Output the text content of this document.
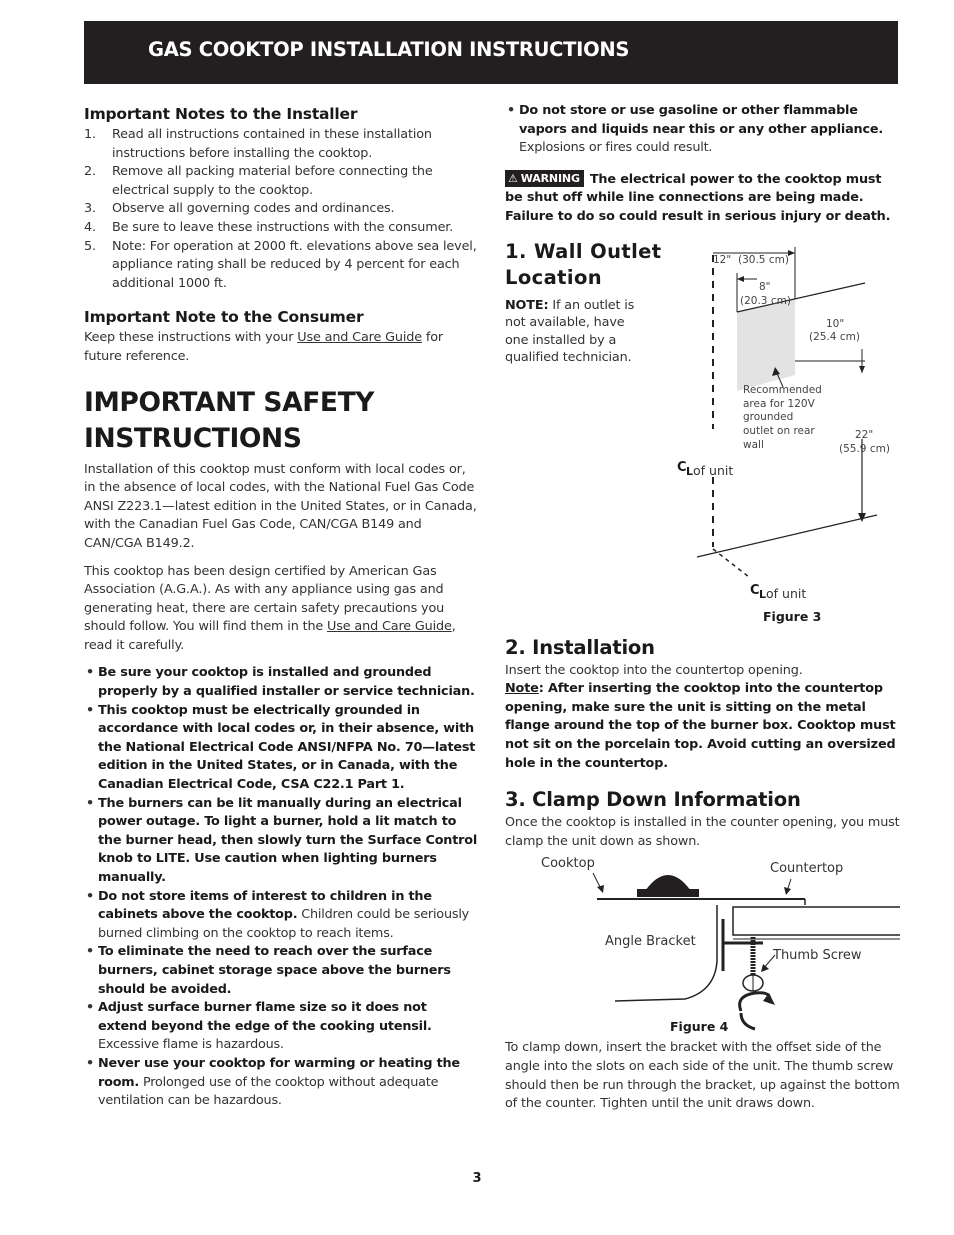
GAS COOKTOP INSTALLATION INSTRUCTIONS
Important Notes to the Installer
1. Read all instructions contained in these installation instructions before installing the cooktop.
2. Remove all packing material before connecting the electrical supply to the cooktop.
3. Observe all governing codes and ordinances.
4. Be sure to leave these instructions with the consumer.
5. Note: For operation at 2000 ft. elevations above sea level, appliance rating shall be reduced by 4 percent for each additional 1000 ft.
Important Note to the Consumer

Keep these instructions with your Use and Care Guide for future reference.

IMPORTANT SAFETY INSTRUCTIONS

Installation of this cooktop must conform with local codes or, in the absence of local codes, with the National Fuel Gas Code ANSI Z223.1—latest edition in the United States, or in Canada, with the Canadian Fuel Gas Code, CAN/CGA B149 and CAN/CGA B149.2.

This cooktop has been design certified by American Gas Association (A.G.A.). As with any appliance using gas and generating heat, there are certain safety precautions you should follow. You will find them in the Use and Care Guide, read it carefully.

• Be sure your cooktop is installed and grounded properly by a qualified installer or service technician.
• This cooktop must be electrically grounded in accordance with local codes or, in their absence, with the National Electrical Code ANSI/NFPA No. 70—latest edition in the United States, or in Canada, with the Canadian Electrical Code, CSA C22.1 Part 1.
• The burners can be lit manually during an electrical power outage. To light a burner, hold a lit match to the burner head, then slowly turn the Surface Control knob to LITE. Use caution when lighting burners manually.
• Do not store items of interest to children in the cabinets above the cooktop. Children could be seriously burned climbing on the cooktop to reach items.
• To eliminate the need to reach over the surface burners, cabinet storage space above the burners should be avoided.
• Adjust surface burner flame size so it does not extend beyond the edge of the cooking utensil. Excessive flame is hazardous.
• Never use your cooktop for warming or heating the room. Prolonged use of the cooktop without adequate ventilation can be hazardous.
• Do not store or use gasoline or other flammable vapors and liquids near this or any other appliance. Explosions or fires could result.

⚠ WARNING The electrical power to the cooktop must be shut off while line connections are being made. Failure to do so could result in serious injury or death.

1. Wall Outlet Location

NOTE: If an outlet is not available, have one installed by a qualified technician.

12" (30.5 cm)
8"
(20.3 cm)
10"
(25.4 cm)
22"
(55.9 cm)
Recommended
area for 120V
grounded
outlet on rear
wall
C L of unit
C L of unit
Figure 3
2. Installation

Insert the cooktop into the countertop opening.

Note: After inserting the cooktop into the countertop opening, make sure the unit is sitting on the metal flange around the top of the burner box. Cooktop must not sit on the porcelain top. Avoid cutting an oversized hole in the countertop.

3. Clamp Down Information

Once the cooktop is installed in the counter opening, you must clamp the unit down as shown.

Cooktop	Countertop
Angle Bracket
Thumb Screw
Figure 4

To clamp down, insert the bracket with the offset side of the angle into the slots on each side of the unit. The thumb screw should then be run through the bracket, up against the bottom of the counter. Tighten until the unit draws down.

3
